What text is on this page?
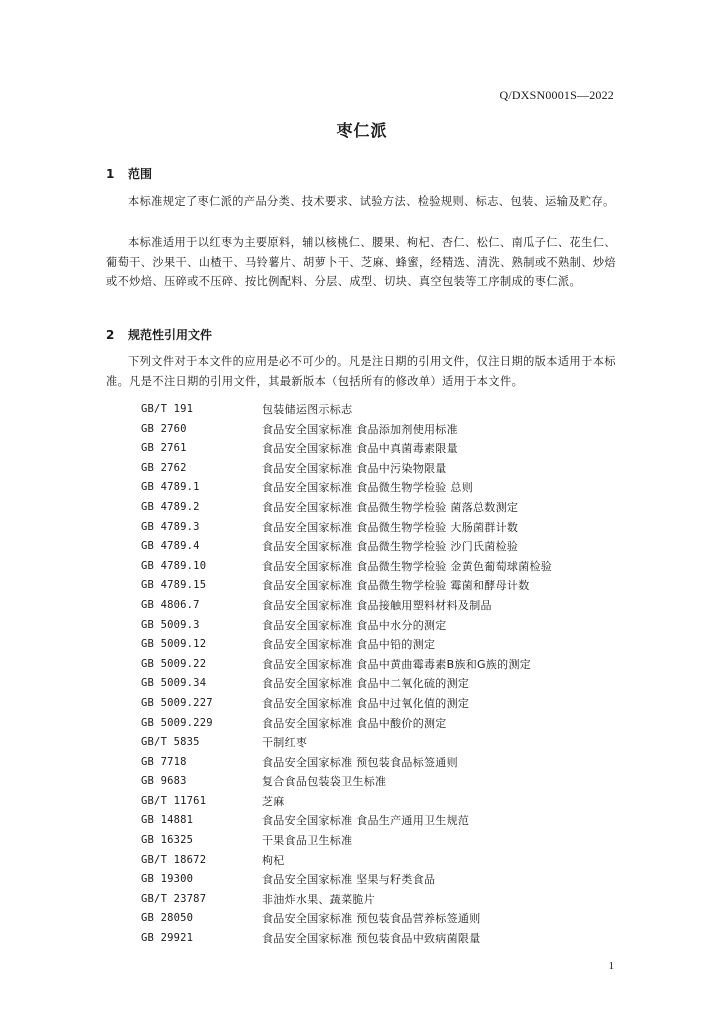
Q/DXSN0001S—2022
枣仁派
1 范围
本标准规定了枣仁派的产品分类、技术要求、试验方法、检验规则、标志、包装、运输及贮存。
本标准适用于以红枣为主要原料，辅以核桃仁、腰果、枸杞、杏仁、松仁、南瓜子仁、花生仁、葡萄干、沙果干、山楂干、马铃薯片、胡萝卜干、芝麻、蜂蜜，经精选、清洗、熟制或不熟制、炒焙或不炒焙、压碎或不压碎、按比例配料、分层、成型、切块、真空包装等工序制成的枣仁派。
2 规范性引用文件
下列文件对于本文件的应用是必不可少的。凡是注日期的引用文件，仅注日期的版本适用于本标准。凡是不注日期的引用文件，其最新版本（包括所有的修改单）适用于本文件。
GB/T 191	包装储运图示标志
GB 2760	食品安全国家标准 食品添加剂使用标准
GB 2761	食品安全国家标准 食品中真菌毒素限量
GB 2762	食品安全国家标准 食品中污染物限量
GB 4789.1	食品安全国家标准 食品微生物学检验 总则
GB 4789.2	食品安全国家标准 食品微生物学检验 菌落总数测定
GB 4789.3	食品安全国家标准 食品微生物学检验 大肠菌群计数
GB 4789.4	食品安全国家标准 食品微生物学检验 沙门氏菌检验
GB 4789.10	食品安全国家标准 食品微生物学检验 金黄色葡萄球菌检验
GB 4789.15	食品安全国家标准 食品微生物学检验 霉菌和酵母计数
GB 4806.7	食品安全国家标准 食品接触用塑料材料及制品
GB 5009.3	食品安全国家标准 食品中水分的测定
GB 5009.12	食品安全国家标准 食品中铅的测定
GB 5009.22	食品安全国家标准 食品中黄曲霉毒素B族和G族的测定
GB 5009.34	食品安全国家标准 食品中二氧化硫的测定
GB 5009.227	食品安全国家标准 食品中过氧化值的测定
GB 5009.229	食品安全国家标准 食品中酸价的测定
GB/T 5835	干制红枣
GB 7718	食品安全国家标准 预包装食品标签通则
GB 9683	复合食品包装袋卫生标准
GB/T 11761	芝麻
GB 14881	食品安全国家标准 食品生产通用卫生规范
GB 16325	干果食品卫生标准
GB/T 18672	枸杞
GB 19300	食品安全国家标准 坚果与籽类食品
GB/T 23787	非油炸水果、蔬菜脆片
GB 28050	食品安全国家标准 预包装食品营养标签通则
GB 29921	食品安全国家标准 预包装食品中致病菌限量
1
